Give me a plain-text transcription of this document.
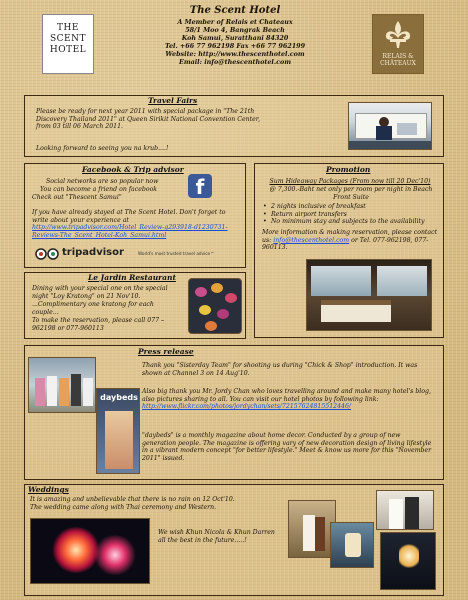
THE
SCENT
HOTEL
The Scent Hotel
A Member of Relais et Chateaux
58/1 Moo 4, Bangrak Beach
Koh Samui, Suratthani 84320
Tel. +66 77 962198 Fax +66 77 962199
Website: http://www.thescenthotel.com
Email: info@thescenthotel.com
RELAIS &
CHÂTEAUX
Travel Fairs
Please be ready for next year 2011 with special package in "The 21th Discovery Thailand 2011" at Queen Sirikit National Convention Center, from 03 till 06 March 2011.
Looking forward to seeing you na krub....!
Facebook & Trip advisor
Social networks are so popular now
You can become a friend on facebook
Check out "Thescent Samui"	f
If you have already stayed at The Scent Hotel. Don't forget to write about your experience at http://www.tripadvisor.com/Hotel_Review-g293918-d1230731-Reviews-The_Scent_Hotel-Koh_Samui.html
tripadvisor	World's most trusted travel advice™
Promotion
Sum Hideaway Packages (From now till 20 Dec'10)
@ 7,300.-Baht net only per room per night in Beach Front Suite
• 2 nights inclusive of breakfast
• Return airport transfers
• No minimum stay and subjects to the availability
More information & making reservation, please contact us: info@thescenthotel.com or Tel. 077-962198, 077-960113.
Le Jardin Restaurant
Dining with your special one on the special night "Loy Kratong" on 21 Nov'10.
...Complimentary one kratong for each couple...
To make the reservation, please call 077 –962198 or 077-960113
Press release
daybeds
Thank you "Sisterday Team" for shooting us during "Chick & Shop" introduction. It was shown at Channel 3 on 14 Aug'10.
Also big thank you Mr. Jordy Chan who loves travelling around and make many hotel's blog, also pictures sharing to all. You can visit our hotel photos by following link: http://www.flickr.com/photos/jordychan/sets/72157624815512446/
"daybeds" is a monthly magazine about home decor. Conducted by a group of new generation people. The magazine is offering vary of new decoration design of living lifestyle in a vibrant modern concept "for better lifestyle." Meet & know us more for this "November 2011" issued.
Weddings
It is amazing and unbelievable that there is no rain on 12 Oct'10.
The wedding came along with Thai ceremony and Western.
We wish Khun Nicola & Khun Darren all the best in the future.....!
